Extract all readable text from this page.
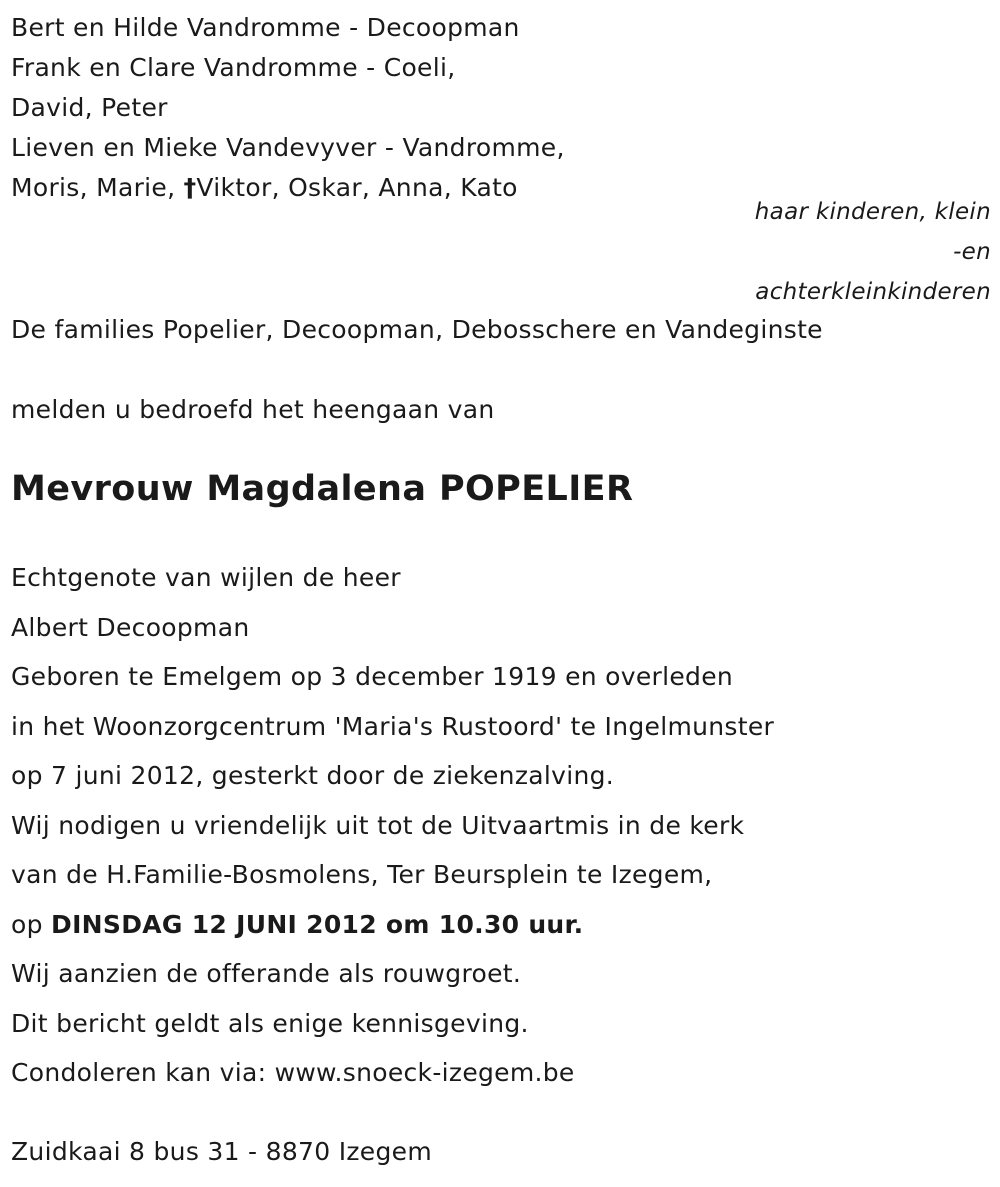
Bert en Hilde Vandromme - Decoopman
Frank en Clare Vandromme - Coeli,
David, Peter
Lieven en Mieke Vandevyver - Vandromme,
Moris, Marie, †Viktor, Oskar, Anna, Kato
haar kinderen, klein
-en
achterkleinkinderen
De families Popelier, Decoopman, Debosschere en Vandeginste
melden u bedroefd het heengaan van
Mevrouw Magdalena POPELIER
Echtgenote van wijlen de heer
Albert Decoopman
Geboren te Emelgem op 3 december 1919 en overleden
in het Woonzorgcentrum 'Maria's Rustoord' te Ingelmunster
op 7 juni 2012, gesterkt door de ziekenzalving.
Wij nodigen u vriendelijk uit tot de Uitvaartmis in de kerk
van de H.Familie-Bosmolens, Ter Beursplein te Izegem,
op DINSDAG 12 JUNI 2012 om 10.30 uur.
Wij aanzien de offerande als rouwgroet.
Dit bericht geldt als enige kennisgeving.
Condoleren kan via: www.snoeck-izegem.be
Zuidkaai 8 bus 31 - 8870 Izegem
